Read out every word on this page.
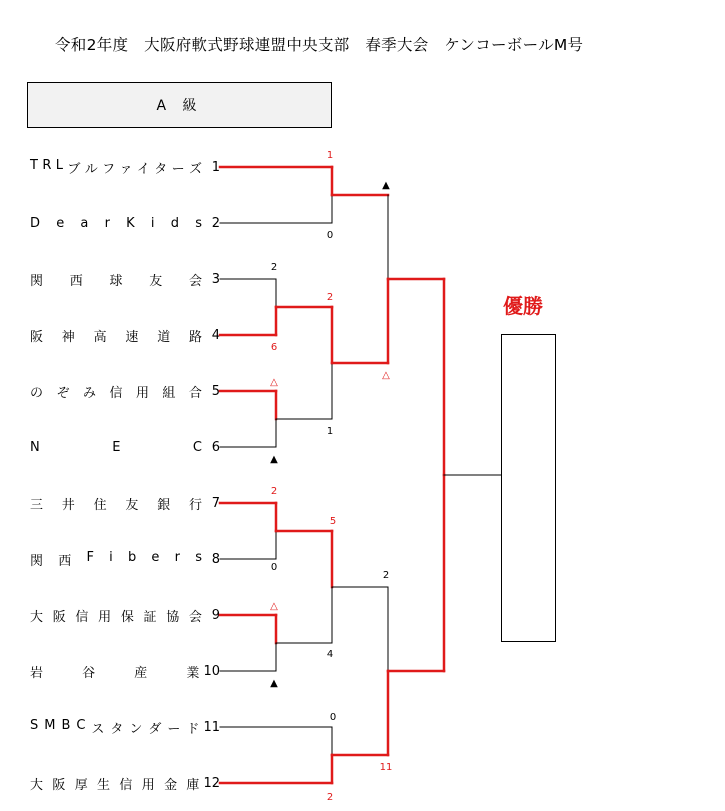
令和2年度　大阪府軟式野球連盟中央支部　春季大会　ケンコーボールM号
A 級
T R L ブ ル フ ァ イ タ ー ズ 1
D e a r K i d s 2
関 西 球 友 会 3
阪 神 高 速 道 路 4
の ぞ み 信 用 組 合 5
N	E	C 6
三 井 住 友 銀 行 7
関 西 F i b e r s 8
大 阪 信 用 保 証 協 会 9
岩	谷	産	業 10
S M B C ス タ ン ダ ー ド 11
大 阪 厚 生 信 用 金 庫 12
優勝
1
0
2
6
△
▲
2
0
△
▲
0
2
2
1
5
4
▲
△
2
11
